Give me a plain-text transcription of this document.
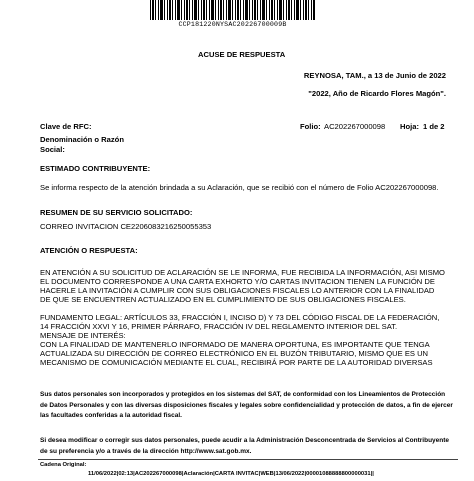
CCP181220NYSAC20226700009B
ACUSE DE RESPUESTA
REYNOSA, TAM., a 13 de Junio de 2022
"2022, Año de Ricardo Flores Magón".
Clave de RFC:
Denominación o Razón
Social:
Folio: AC202267000098 Hoja: 1 de 2
ESTIMADO CONTRIBUYENTE:
Se informa respecto de la atención brindada a su Aclaración, que se recibió con el número de Folio AC202267000098.
RESUMEN DE SU SERVICIO SOLICITADO:
CORREO INVITACION CE2206083216250055353
ATENCIÓN O RESPUESTA:
EN ATENCIÓN A SU SOLICITUD DE ACLARACIÓN SE LE INFORMA, FUE RECIBIDA LA INFORMACIÓN, ASI MISMO
EL DOCUMENTO CORRESPONDE A UNA CARTA EXHORTO Y/O CARTAS INVITACION TIENEN LA FUNCIÓN DE
HACERLE LA INVITACIÓN A CUMPLIR CON SUS OBLIGACIONES FISCALES LO ANTERIOR CON LA FINALIDAD
DE QUE SE ENCUENTREN ACTUALIZADO EN EL CUMPLIMIENTO DE SUS OBLIGACIONES FISCALES.
FUNDAMENTO LEGAL: ARTÍCULOS 33, FRACCIÓN I, INCISO D) Y 73 DEL CÓDIGO FISCAL DE LA FEDERACIÓN,
14 FRACCIÓN XXVI Y 16, PRIMER PÁRRAFO, FRACCIÓN IV DEL REGLAMENTO INTERIOR DEL SAT.
MENSAJE DE INTERÉS:
CON LA FINALIDAD DE MANTENERLO INFORMADO DE MANERA OPORTUNA, ES IMPORTANTE QUE TENGA
ACTUALIZADA SU DIRECCIÓN DE CORREO ELECTRÓNICO EN EL BUZÓN TRIBUTARIO, MISMO QUE ES UN
MECANISMO DE COMUNICACIÓN MEDIANTE EL CUAL, RECIBIRÁ POR PARTE DE LA AUTORIDAD DIVERSAS
Sus datos personales son incorporados y protegidos en los sistemas del SAT, de conformidad con los Lineamientos de Protección
de Datos Personales y con las diversas disposiciones fiscales y legales sobre confidencialidad y protección de datos, a fin de ejercer
las facultades conferidas a la autoridad fiscal.
Si desea modificar o corregir sus datos personales, puede acudir a la Administración Desconcentrada de Servicios al Contribuyente
de su preferencia y/o a través de la dirección http://www.sat.gob.mx.
Cadena Original:
11/06/2022|02:13|AC202267000098|Aclaración|CARTA INVITAC|WEB|13/06/2022|00001088888800000031||
